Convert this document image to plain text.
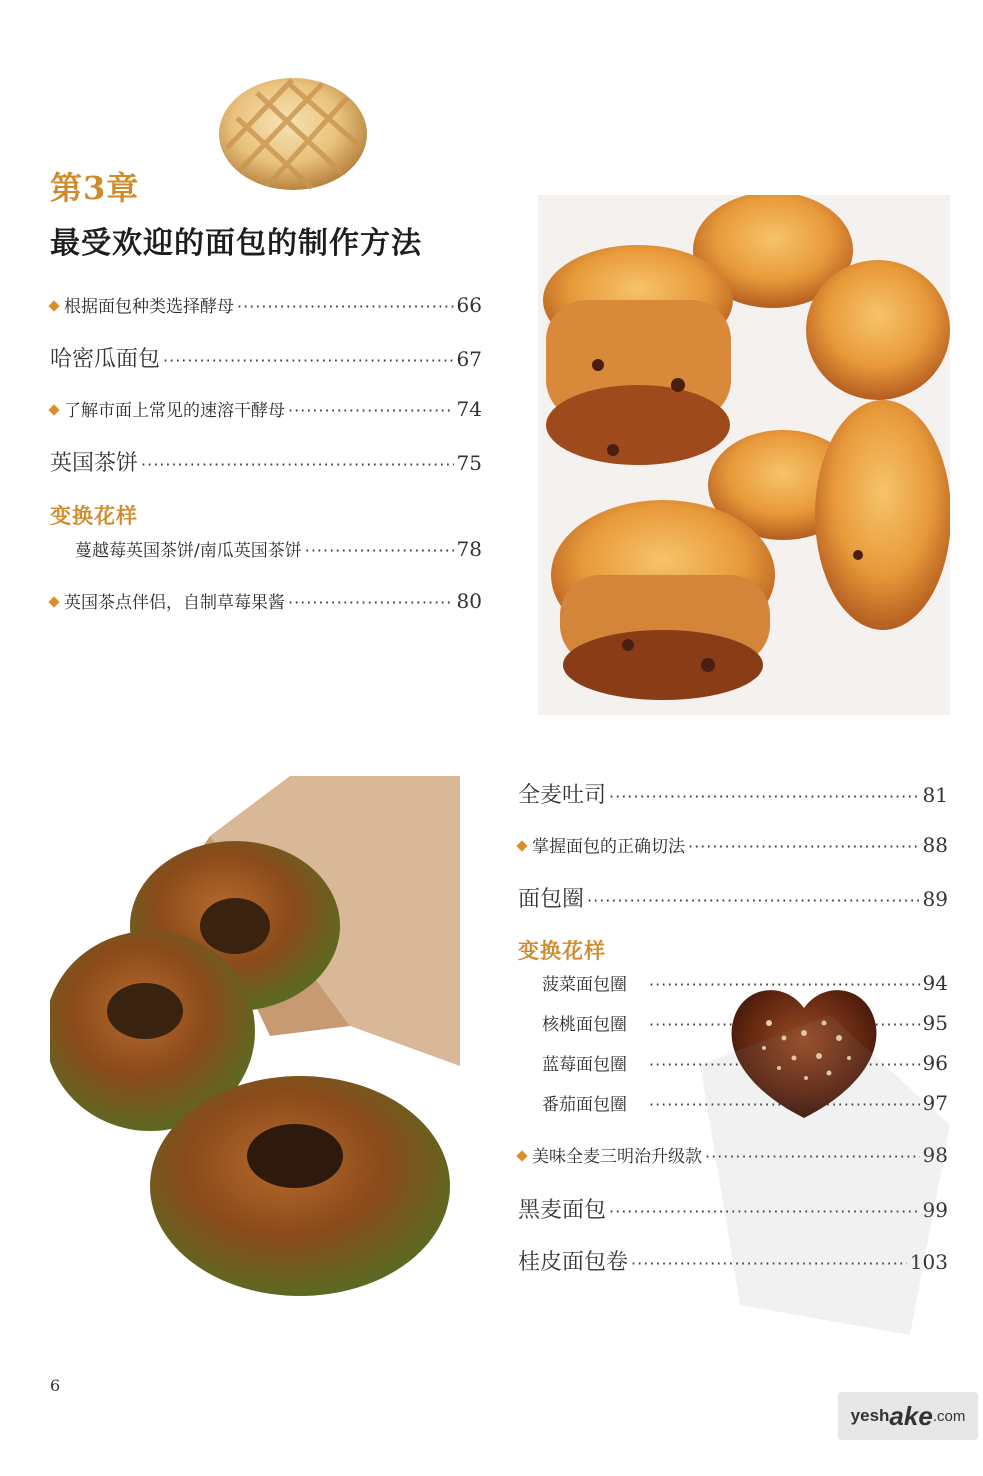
第3章
最受欢迎的面包的制作方法
根据面包种类选择酵母 ·····	66
哈密瓜面包 ·····	67
了解市面上常见的速溶干酵母 ·····	74
英国茶饼 ·····	75
变换花样
蔓越莓英国茶饼/南瓜英国茶饼 ·····	78
英国茶点伴侣，自制草莓果酱 ·····	80
全麦吐司 ·····	81
掌握面包的正确切法 ·····	88
面包圈 ·····	89
变换花样
菠菜面包圈 ·····	94
核桃面包圈 ·····	95
蓝莓面包圈 ·····	96
番茄面包圈 ·····	97
美味全麦三明治升级款 ·····	98
黑麦面包 ·····	99
桂皮面包卷 ·····	103
6
yesh ake .com
